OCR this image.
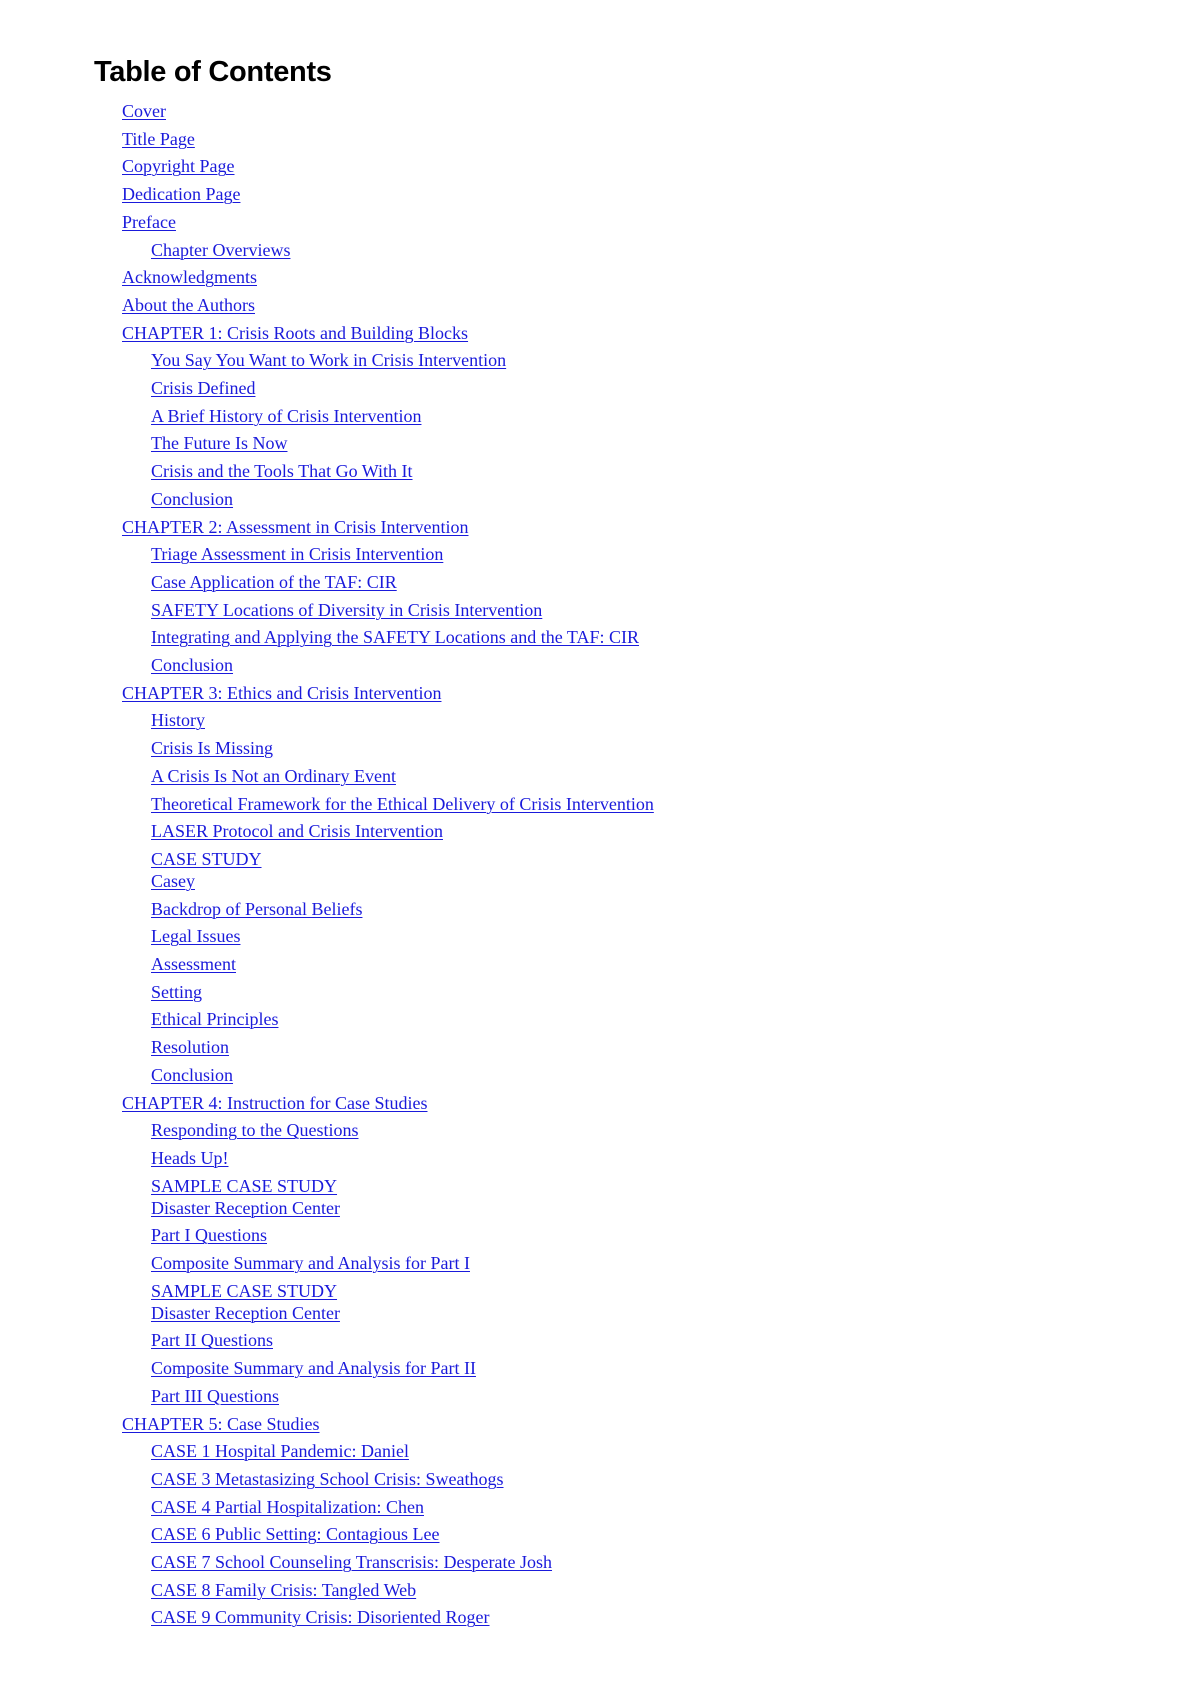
Table of Contents
Cover
Title Page
Copyright Page
Dedication Page
Preface
Chapter Overviews
Acknowledgments
About the Authors
CHAPTER 1: Crisis Roots and Building Blocks
You Say You Want to Work in Crisis Intervention
Crisis Defined
A Brief History of Crisis Intervention
The Future Is Now
Crisis and the Tools That Go With It
Conclusion
CHAPTER 2: Assessment in Crisis Intervention
Triage Assessment in Crisis Intervention
Case Application of the TAF: CIR
SAFETY Locations of Diversity in Crisis Intervention
Integrating and Applying the SAFETY Locations and the TAF: CIR
Conclusion
CHAPTER 3: Ethics and Crisis Intervention
History
Crisis Is Missing
A Crisis Is Not an Ordinary Event
Theoretical Framework for the Ethical Delivery of Crisis Intervention
LASER Protocol and Crisis Intervention
CASE STUDY
Casey
Backdrop of Personal Beliefs
Legal Issues
Assessment
Setting
Ethical Principles
Resolution
Conclusion
CHAPTER 4: Instruction for Case Studies
Responding to the Questions
Heads Up!
SAMPLE CASE STUDY
Disaster Reception Center
Part I Questions
Composite Summary and Analysis for Part I
SAMPLE CASE STUDY
Disaster Reception Center
Part II Questions
Composite Summary and Analysis for Part II
Part III Questions
CHAPTER 5: Case Studies
CASE 1 Hospital Pandemic: Daniel
CASE 3 Metastasizing School Crisis: Sweathogs
CASE 4 Partial Hospitalization: Chen
CASE 6 Public Setting: Contagious Lee
CASE 7 School Counseling Transcrisis: Desperate Josh
CASE 8 Family Crisis: Tangled Web
CASE 9 Community Crisis: Disoriented Roger
